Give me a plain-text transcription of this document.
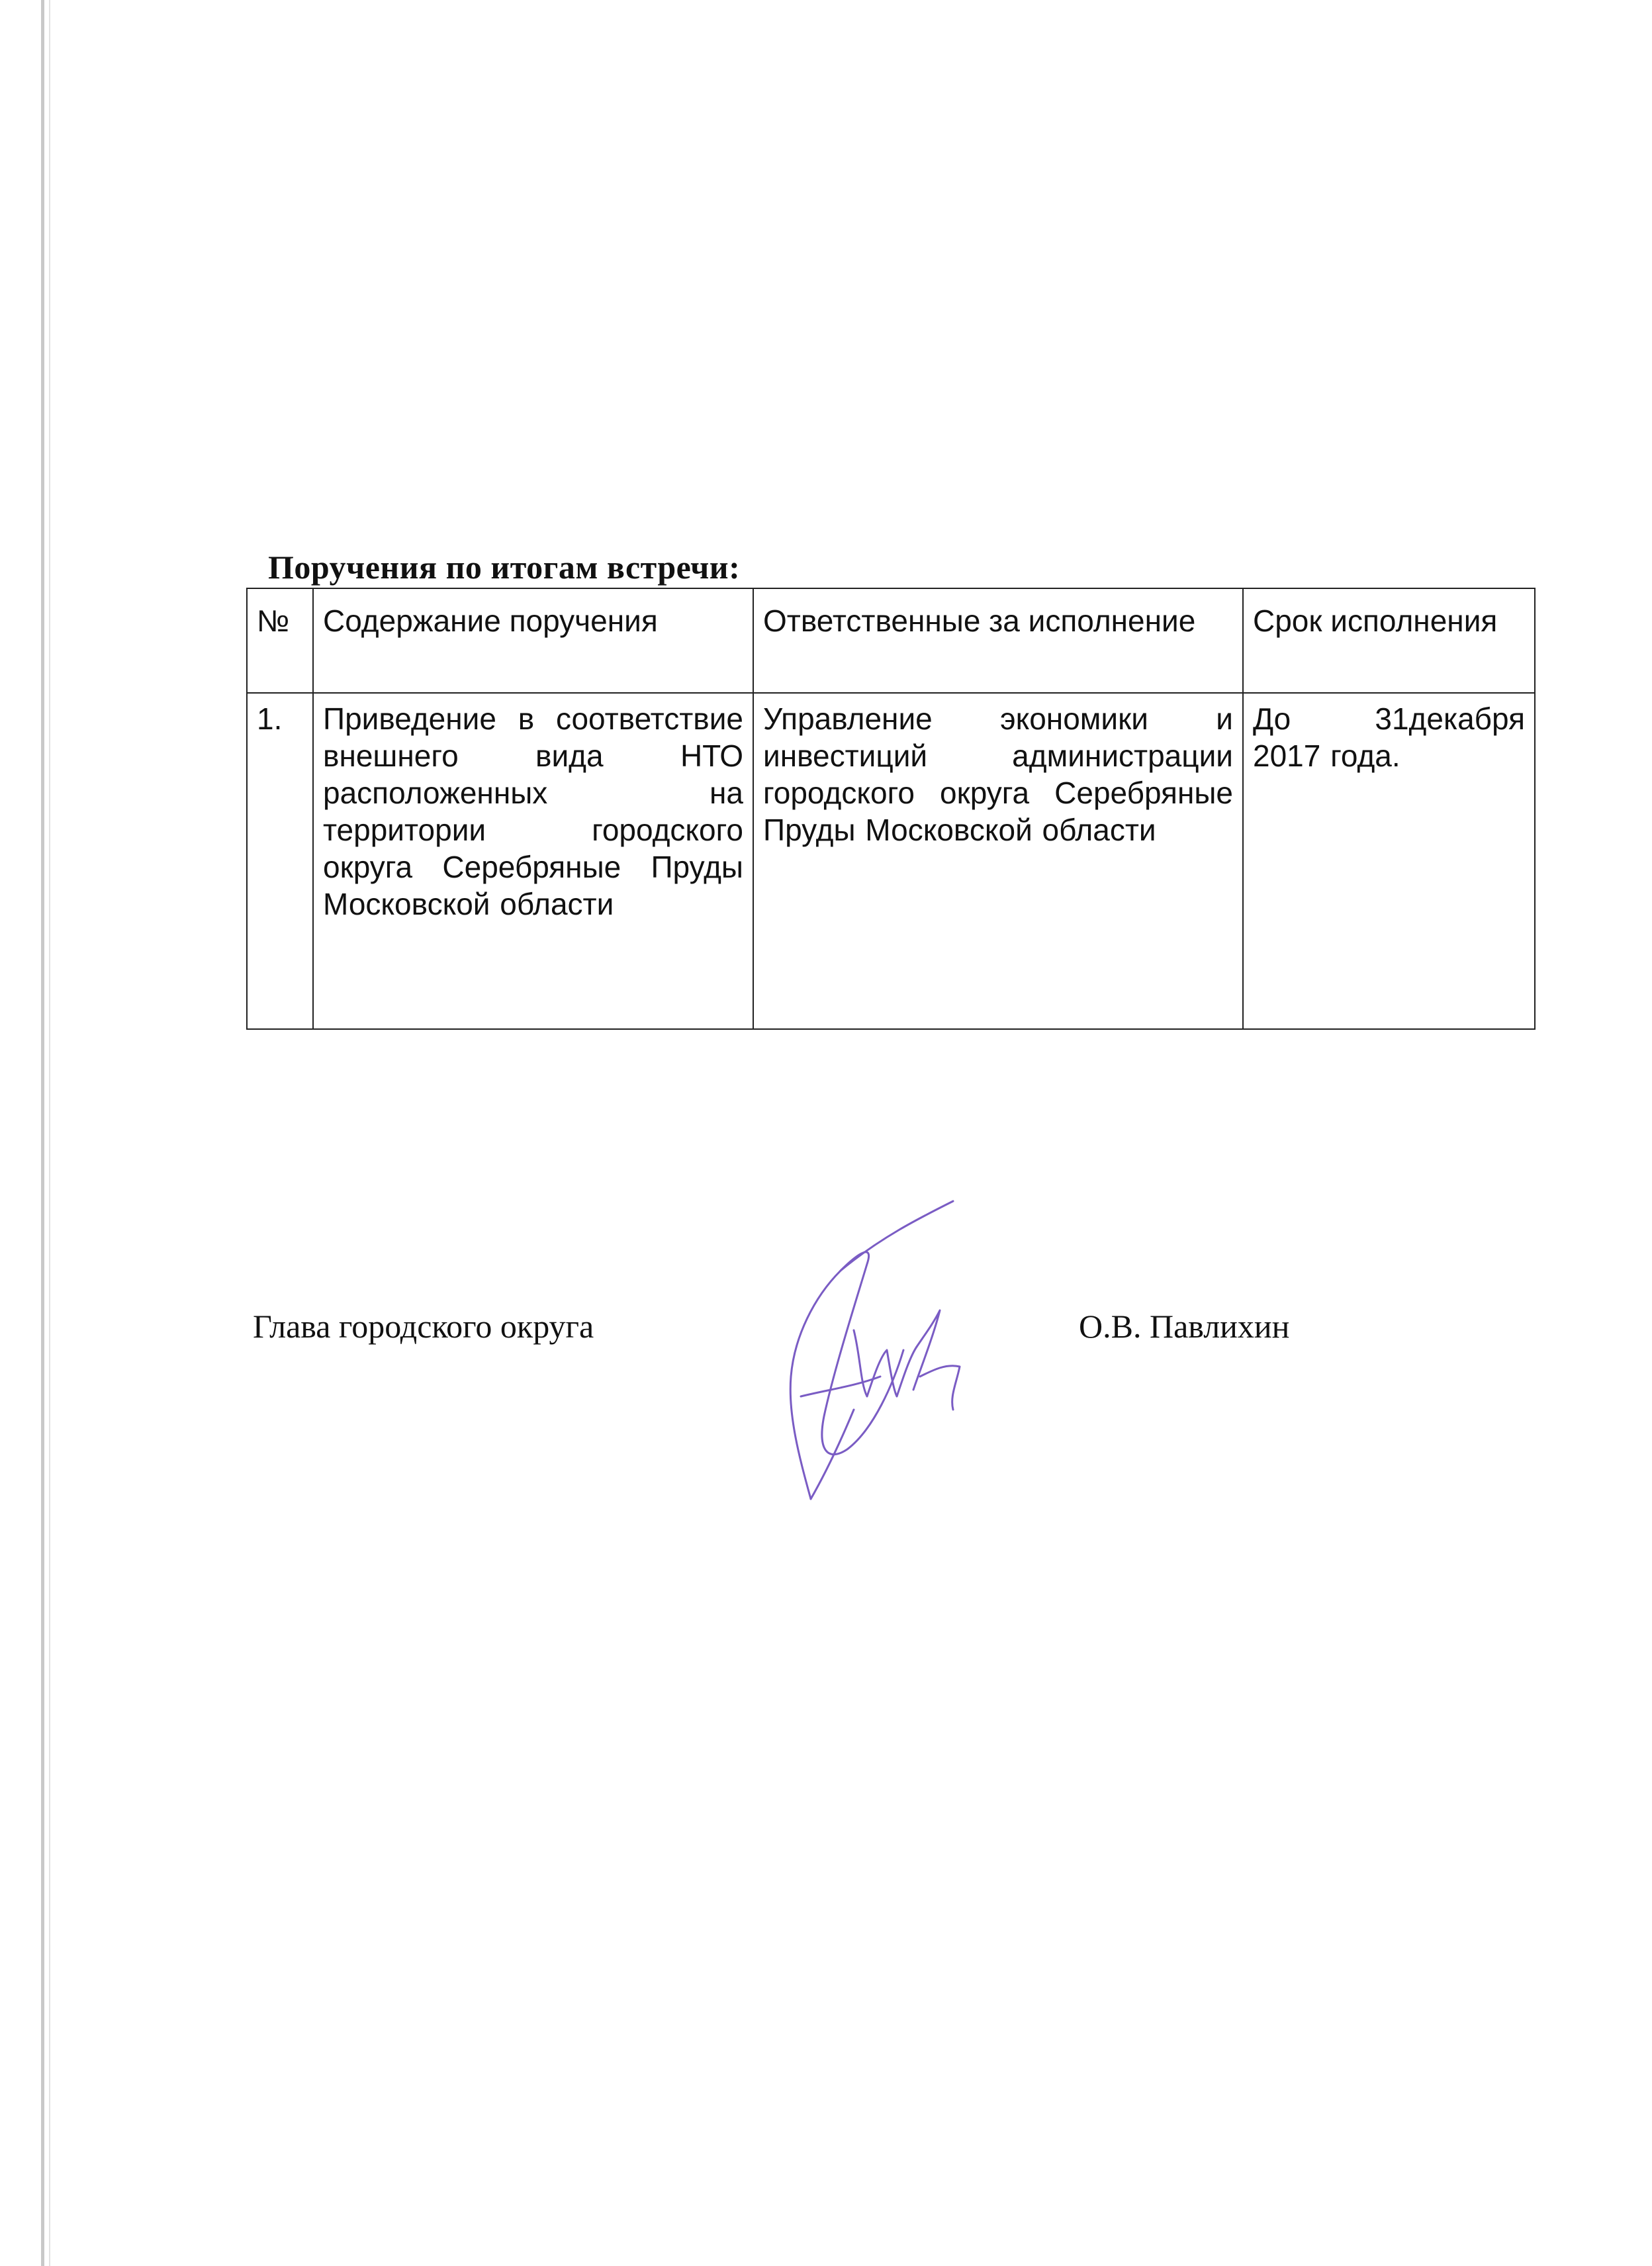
Поручения по итогам встречи:
№	Содержание поручения	Ответственные за исполнение	Срок исполнения
1.	Приведение в соответствие внешнего вида НТО расположенных на территории городского округа Серебряные Пруды Московской области	Управление экономики и инвестиций администрации городского округа Серебряные Пруды Московской области	До 31декабря 2017 года.
Глава городского округа	О.В. Павлихин
